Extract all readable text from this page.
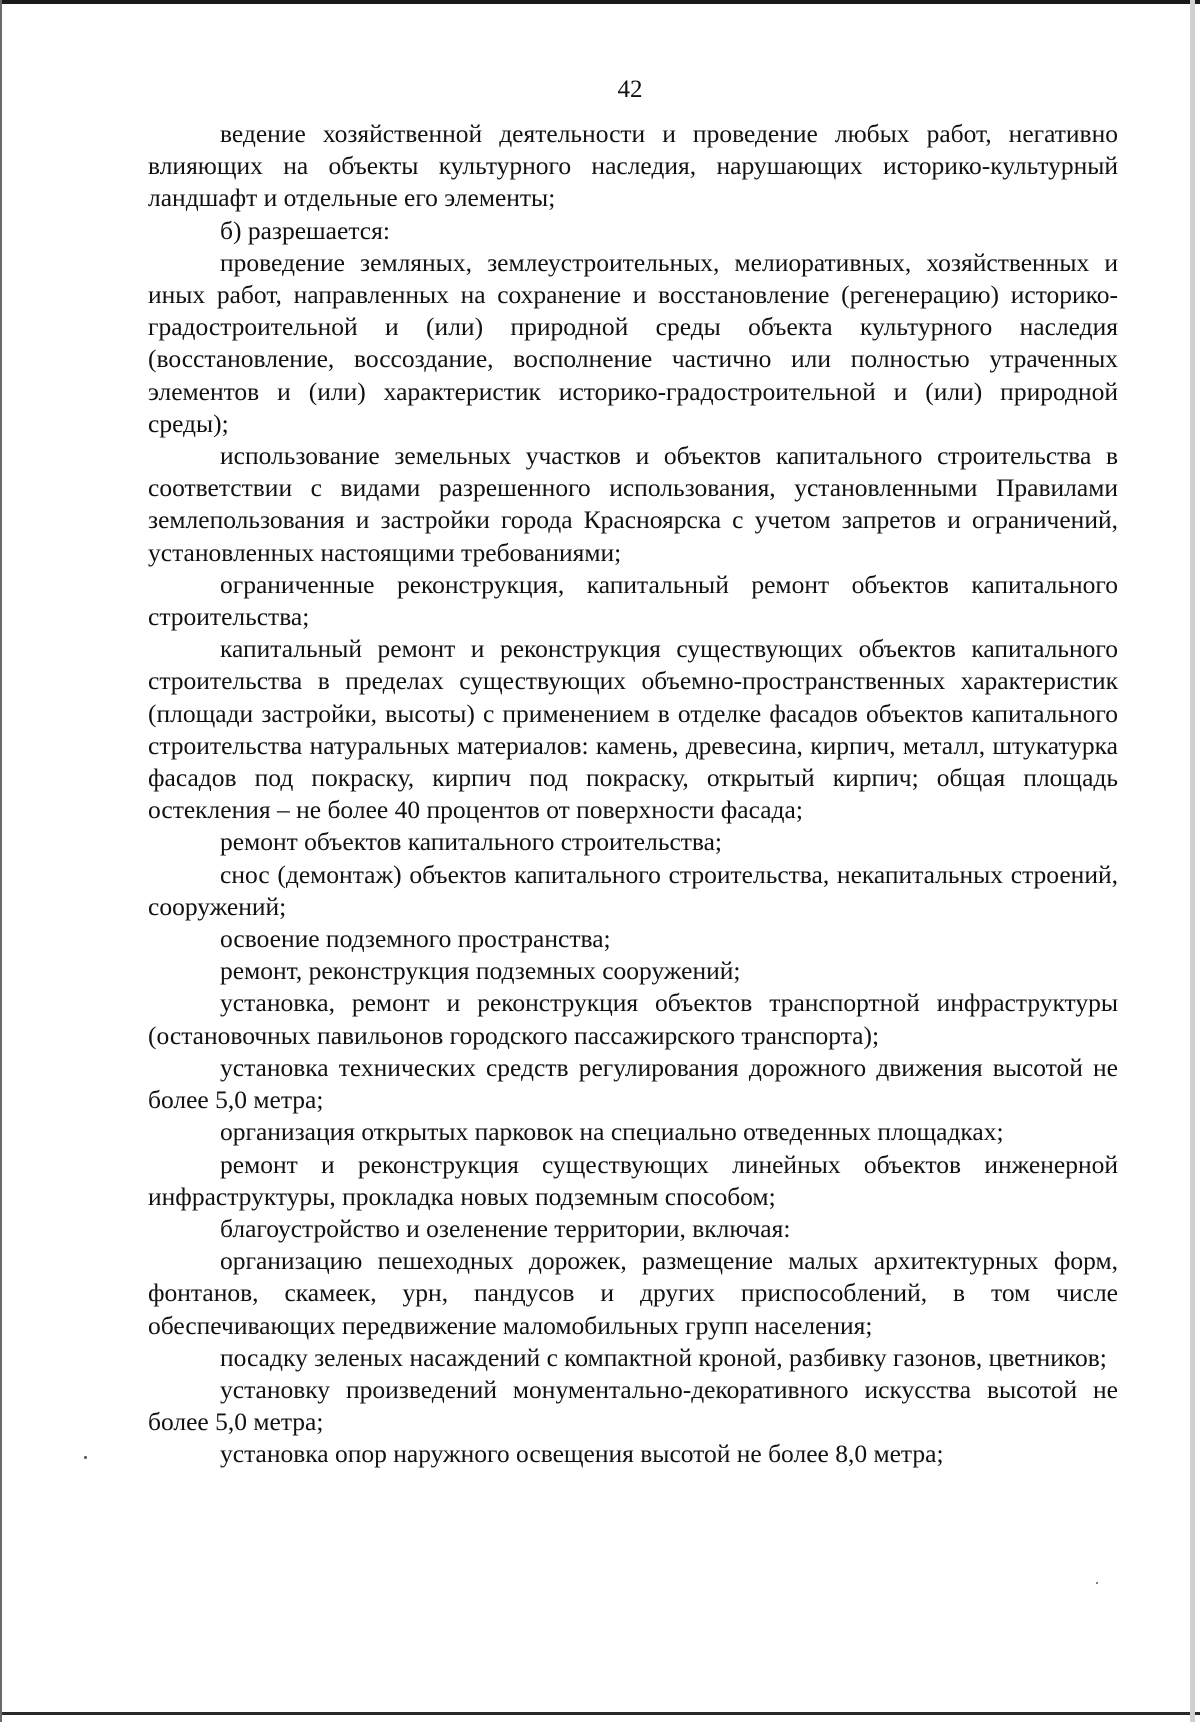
42

ведение хозяйственной деятельности и проведение любых работ, негативно влияющих на объекты культурного наследия, нарушающих историко-культурный ландшафт и отдельные его элементы;

б) разрешается:

проведение земляных, землеустроительных, мелиоративных, хозяйственных и иных работ, направленных на сохранение и восстановление (регенерацию) историко-градостроительной и (или) природной среды объекта культурного наследия (восстановление, воссоздание, восполнение частично или полностью утраченных элементов и (или) характеристик историко-градостроительной и (или) природной среды);

использование земельных участков и объектов капитального строительства в соответствии с видами разрешенного использования, установленными Правилами землепользования и застройки города Красноярска с учетом запретов и ограничений, установленных настоящими требованиями;

ограниченные реконструкция, капитальный ремонт объектов капитального строительства;

капитальный ремонт и реконструкция существующих объектов капитального строительства в пределах существующих объемно-пространственных характеристик (площади застройки, высоты) с применением в отделке фасадов объектов капитального строительства натуральных материалов: камень, древесина, кирпич, металл, штукатурка фасадов под покраску, кирпич под покраску, открытый кирпич; общая площадь остекления – не более 40 процентов от поверхности фасада;

ремонт объектов капитального строительства;

снос (демонтаж) объектов капитального строительства, некапитальных строений, сооружений;

освоение подземного пространства;

ремонт, реконструкция подземных сооружений;

установка, ремонт и реконструкция объектов транспортной инфраструктуры (остановочных павильонов городского пассажирского транспорта);

установка технических средств регулирования дорожного движения высотой не более 5,0 метра;

организация открытых парковок на специально отведенных площадках;

ремонт и реконструкция существующих линейных объектов инженерной инфраструктуры, прокладка новых подземным способом;

благоустройство и озеленение территории, включая:

организацию пешеходных дорожек, размещение малых архитектурных форм, фонтанов, скамеек, урн, пандусов и других приспособлений, в том числе обеспечивающих передвижение маломобильных групп населения;

посадку зеленых насаждений с компактной кроной, разбивку газонов, цветников;

установку произведений монументально-декоративного искусства высотой не более 5,0 метра;

установка опор наружного освещения высотой не более 8,0 метра;
